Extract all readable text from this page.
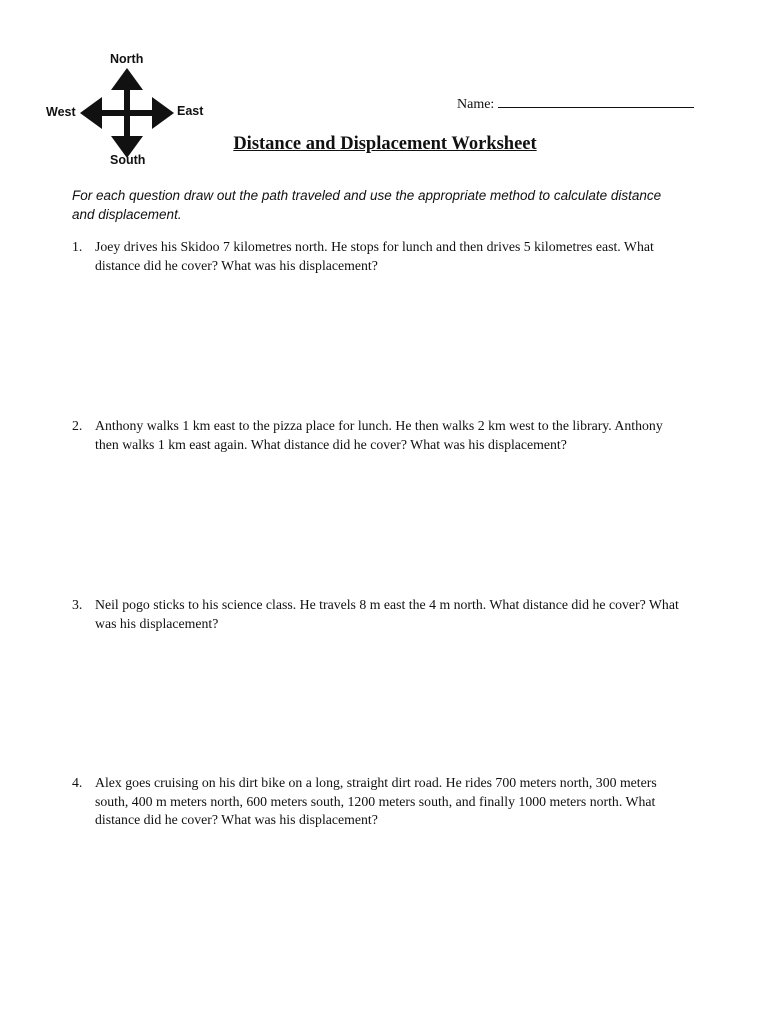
North
South
West	East	Name:
Distance and Displacement Worksheet
For each question draw out the path traveled and use the appropriate method to calculate distance and displacement.
1. Joey drives his Skidoo 7 kilometres north. He stops for lunch and then drives 5 kilometres east. What distance did he cover? What was his displacement?
2. Anthony walks 1 km east to the pizza place for lunch. He then walks 2 km west to the library. Anthony then walks 1 km east again. What distance did he cover? What was his displacement?
3. Neil pogo sticks to his science class. He travels 8 m east the 4 m north. What distance did he cover? What was his displacement?
4. Alex goes cruising on his dirt bike on a long, straight dirt road. He rides 700 meters north, 300 meters south, 400 m meters north, 600 meters south, 1200 meters south, and finally 1000 meters north. What distance did he cover? What was his displacement?
